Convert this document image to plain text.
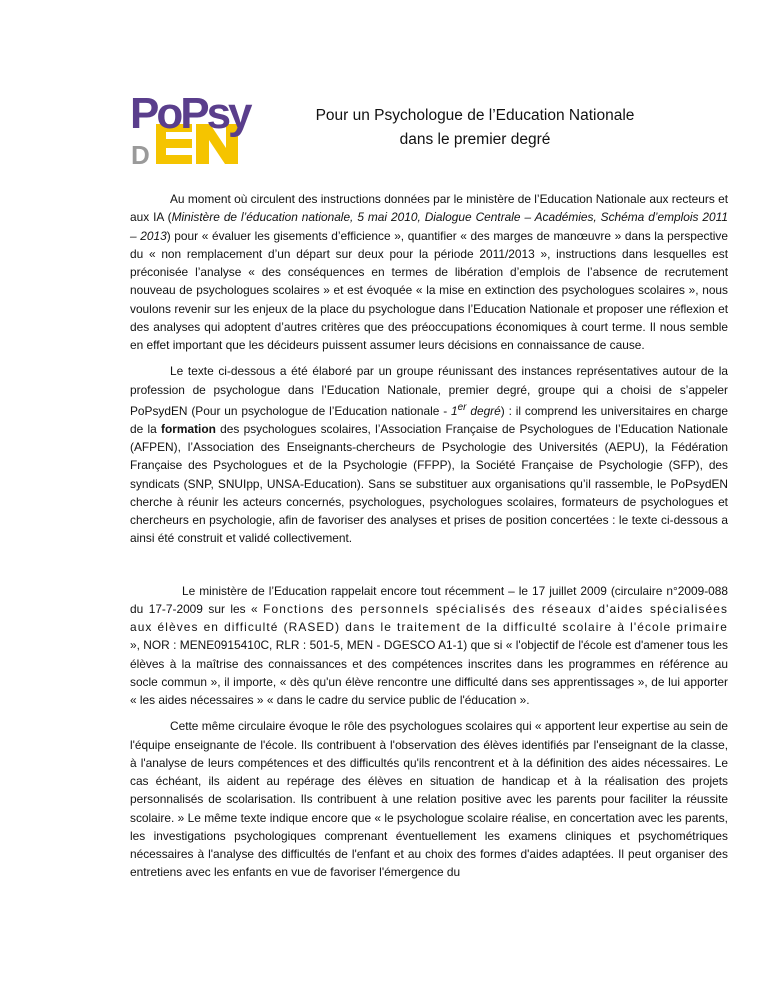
D
PoPsy	Pour un Psychologue de l’Education Nationale
dans le premier degré

Au moment où circulent des instructions données par le ministère de l’Education Nationale aux recteurs et aux IA (Ministère de l’éducation nationale, 5 mai 2010, Dialogue Centrale – Académies, Schéma d’emplois 2011 – 2013) pour « évaluer les gisements d’efficience », quantifier « des marges de manœuvre » dans la perspective du « non remplacement d’un départ sur deux pour la période 2011/2013 », instructions dans lesquelles est préconisée l’analyse « des conséquences en termes de libération d’emplois de l’absence de recrutement nouveau de psychologues scolaires » et est évoquée « la mise en extinction des psychologues scolaires », nous voulons revenir sur les enjeux de la place du psychologue dans l’Education Nationale et proposer une réflexion et des analyses qui adoptent d’autres critères que des préoccupations économiques à court terme. Il nous semble en effet important que les décideurs puissent assumer leurs décisions en connaissance de cause.

Le texte ci-dessous a été élaboré par un groupe réunissant des instances représentatives autour de la profession de psychologue dans l’Education Nationale, premier degré, groupe qui a choisi de s’appeler PoPsydEN (Pour un psychologue de l’Education nationale - 1er degré) : il comprend les universitaires en charge de la formation des psychologues scolaires, l’Association Française de Psychologues de l’Education Nationale (AFPEN), l’Association des Enseignants-chercheurs de Psychologie des Universités (AEPU), la Fédération Française des Psychologues et de la Psychologie (FFPP), la Société Française de Psychologie (SFP), des syndicats (SNP, SNUIpp, UNSA-Education). Sans se substituer aux organisations qu’il rassemble, le PoPsydEN cherche à réunir les acteurs concernés, psychologues, psychologues scolaires, formateurs de psychologues et chercheurs en psychologie, afin de favoriser des analyses et prises de position concertées : le texte ci-dessous a ainsi été construit et validé collectivement.

Le ministère de l’Education rappelait encore tout récemment – le 17 juillet 2009 (circulaire n°2009-088 du 17-7-2009 sur les « Fonctions des personnels spécialisés des réseaux d'aides spécialisées aux élèves en difficulté (RASED) dans le traitement de la difficulté scolaire à l'école primaire », NOR : MENE0915410C, RLR : 501-5, MEN - DGESCO A1-1) que si « l'objectif de l'école est d'amener tous les élèves à la maîtrise des connaissances et des compétences inscrites dans les programmes en référence au socle commun », il importe, « dès qu'un élève rencontre une difficulté dans ses apprentissages », de lui apporter « les aides nécessaires » « dans le cadre du service public de l'éducation ».

Cette même circulaire évoque le rôle des psychologues scolaires qui « apportent leur expertise au sein de l'équipe enseignante de l'école. Ils contribuent à l'observation des élèves identifiés par l'enseignant de la classe, à l'analyse de leurs compétences et des difficultés qu'ils rencontrent et à la définition des aides nécessaires. Le cas échéant, ils aident au repérage des élèves en situation de handicap et à la réalisation des projets personnalisés de scolarisation. Ils contribuent à une relation positive avec les parents pour faciliter la réussite scolaire. » Le même texte indique encore que « le psychologue scolaire réalise, en concertation avec les parents, les investigations psychologiques comprenant éventuellement les examens cliniques et psychométriques nécessaires à l'analyse des difficultés de l'enfant et au choix des formes d'aides adaptées. Il peut organiser des entretiens avec les enfants en vue de favoriser l'émergence du
